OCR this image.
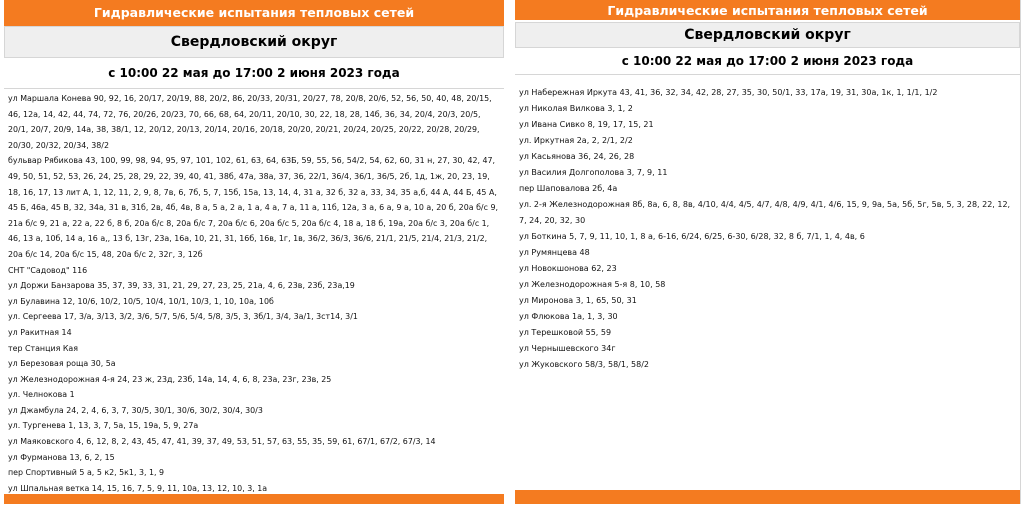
Гидравлические испытания тепловых сетей
Свердловский округ
с 10:00 22 мая до 17:00 2 июня 2023 года

ул Маршала Конева 90, 92, 16, 20/17, 20/19, 88, 20/2, 86, 20/33, 20/31, 20/27, 78, 20/8, 20/6, 52, 56, 50, 40, 48, 20/15, 46, 12а, 14, 42, 44, 74, 72, 76, 20/26, 20/23, 70, 66, 68, 64, 20/11, 20/10, 30, 22, 18, 28, 14б, 36, 34, 20/4, 20/3, 20/5, 20/1, 20/7, 20/9, 14а, 38, 38/1, 12, 20/12, 20/13, 20/14, 20/16, 20/18, 20/20, 20/21, 20/24, 20/25, 20/22, 20/28, 20/29, 20/30, 20/32, 20/34, 38/2

бульвар Рябикова 43, 100, 99, 98, 94, 95, 97, 101, 102, 61, 63, 64, 63Б, 59, 55, 56, 54/2, 54, 62, 60, 31 н, 27, 30, 42, 47, 49, 50, 51, 52, 53, 26, 24, 25, 28, 29, 22, 39, 40, 41, 38б, 47а, 38а, 37, 36, 22/1, 36/4, 36/1, 36/5, 2б, 1д, 1ж, 20, 23, 19, 18, 16, 17, 13 лит А, 1, 12, 11, 2, 9, 8, 7в, 6, 7б, 5, 7, 15б, 15а, 13, 14, 4, 31 а, 32 б, 32 а, 33, 34, 35 а,б, 44 А, 44 Б, 45 А, 45 Б, 46а, 45 В, 32, 34а, 31 в, 31б, 2в, 4б, 4в, 8 а, 5 а, 2 а, 1 а, 4 а, 7 а, 11 а, 11б, 12а, 3 а, 6 а, 9 а, 10 а, 20 б, 20а б/с 9, 21а б/с 9, 21 а, 22 а, 22 б, 8 б, 20а б/с 8, 20а б/с 7, 20а б/с 6, 20а б/с 5, 20а б/с 4, 18 а, 18 б, 19а, 20а б/с 3, 20а б/с 1, 46, 13 а, 10б, 14 а, 16 а,, 13 б, 13г, 23а, 16а, 10, 21, 31, 16б, 16в, 1г, 1в, 36/2, 36/3, 36/6, 21/1, 21/5, 21/4, 21/3, 21/2, 20а б/с 14, 20а б/с 15, 48, 20а б/с 2, 32г, 3, 12б

СНТ "Садовод" 116

ул Доржи Банзарова 35, 37, 39, 33, 31, 21, 29, 27, 23, 25, 21а, 4, 6, 23в, 23б, 23а,19

ул Булавина 12, 10/6, 10/2, 10/5, 10/4, 10/1, 10/3, 1, 10, 10а, 10б

ул. Сергеева 17, 3/а, 3/13, 3/2, 3/6, 5/7, 5/6, 5/4, 5/8, 3/5, 3, 3б/1, 3/4, 3а/1, 3ст14, 3/1

ул Ракитная 14

тер Станция Кая

ул Березовая роща 30, 5а

ул Железнодорожная 4-я 24, 23 ж, 23д, 23б, 14а, 14, 4, 6, 8, 23а, 23г, 23в, 25

ул. Челнокова 1

ул Джамбула 24, 2, 4, 6, 3, 7, 30/5, 30/1, 30/6, 30/2, 30/4, 30/3

ул. Тургенева 1, 13, 3, 7, 5а, 15, 19а, 5, 9, 27а

ул Маяковского 4, 6, 12, 8, 2, 43, 45, 47, 41, 39, 37, 49, 53, 51, 57, 63, 55, 35, 59, 61, 67/1, 67/2, 67/3, 14

ул Фурманова 13, 6, 2, 15

пер Спортивный 5 а, 5 к2, 5к1, 3, 1, 9

ул Шпальная ветка 14, 15, 16, 7, 5, 9, 11, 10а, 13, 12, 10, 3, 1а

Гидравлические испытания тепловых сетей
Свердловский округ
с 10:00 22 мая до 17:00 2 июня 2023 года

ул Набережная Иркута 43, 41, 36, 32, 34, 42, 28, 27, 35, 30, 50/1, 33, 17а, 19, 31, 30а, 1к, 1, 1/1, 1/2

ул Николая Вилкова 3, 1, 2

ул Ивана Сивко 8, 19, 17, 15, 21

ул. Иркутная 2а, 2, 2/1, 2/2

ул Касьянова 36, 24, 26, 28

ул Василия Долгополова 3, 7, 9, 11

пер Шаповалова 2б, 4а

ул. 2-я Железнодорожная 8б, 8а, 6, 8, 8в, 4/10, 4/4, 4/5, 4/7, 4/8, 4/9, 4/1, 4/6, 15, 9, 9а, 5а, 5б, 5г, 5в, 5, 3, 28, 22, 12, 7, 24, 20, 32, 30

ул Боткина 5, 7, 9, 11, 10, 1, 8 а, 6-16, 6/24, 6/25, 6-30, 6/28, 32, 8 б, 7/1, 1, 4, 4в, 6

ул Румянцева 48

ул Новокшонова 62, 23

ул Железнодорожная 5-я 8, 10, 58

ул Миронова 3, 1, 65, 50, 31

ул Флюкова 1а, 1, 3, 30

ул Терешковой 55, 59

ул Чернышевского 34г

ул Жуковского 58/3, 58/1, 58/2
